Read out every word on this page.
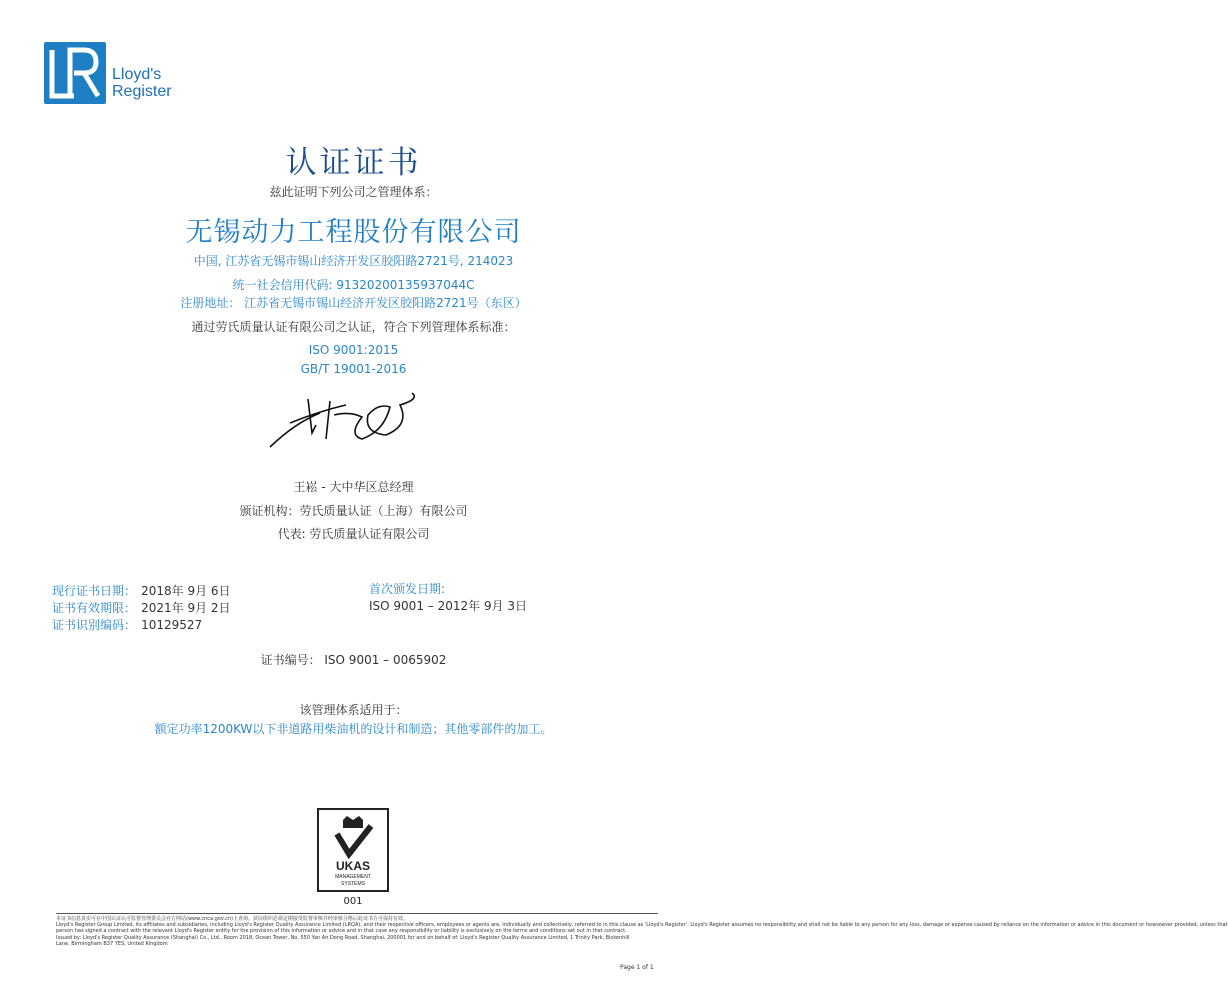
Lloyd's
Register
认证证书
兹此证明下列公司之管理体系：
无锡动力工程股份有限公司
中国, 江苏省无锡市锡山经济开发区胶阳路2721号, 214023
统一社会信用代码: 91320200135937044C
注册地址： 江苏省无锡市锡山经济开发区胶阳路2721号（东区）
通过劳氏质量认证有限公司之认证，符合下列管理体系标准：
ISO 9001:2015
GB/T 19001-2016
王崧 - 大中华区总经理
颁证机构：劳氏质量认证（上海）有限公司
代表: 劳氏质量认证有限公司
现行证书日期： 2018年 9月 6日
证书有效期限： 2021年 9月 2日
证书识别编码： 10129527
首次颁发日期:
ISO 9001 – 2012年 9月 3日
证书编号： ISO 9001 – 0065902
该管理体系适用于：
额定功率1200KW以下非道路用柴油机的设计和制造；其他零部件的加工。
UKAS
MANAGEMENT
SYSTEMS
001
本证书信息真实可在中国认证认可监督管理委员会官方网站(www.cnca.gov.cn)上查询。获证组织必须定期接受监督审核并经审核合格后此证书方可保持有效。
Lloyd's Register Group Limited, its affiliates and subsidiaries, including Lloyd's Register Quality Assurance Limited (LRQA), and their respective officers, employees or agents are, individually and collectively, referred to in this clause as 'Lloyd's Register'. Lloyd's Register assumes no responsibility and shall not be liable to any person for any loss, damage or expense caused by reliance on the information or advice in this document or howsoever provided, unless that
person has signed a contract with the relevant Lloyd's Register entity for the provision of this information or advice and in that case any responsibility or liability is exclusively on the terms and conditions set out in that contract.
Issued by: Lloyd's Register Quality Assurance (Shanghai) Co., Ltd., Room 2018, Ocean Tower, No. 550 Yan An Dong Road, Shanghai, 200001 for and on behalf of: Lloyd's Register Quality Assurance Limited, 1 Trinity Park, Bickenhill
Lane, Birmingham B37 7ES, United Kingdom
Page 1 of 1
